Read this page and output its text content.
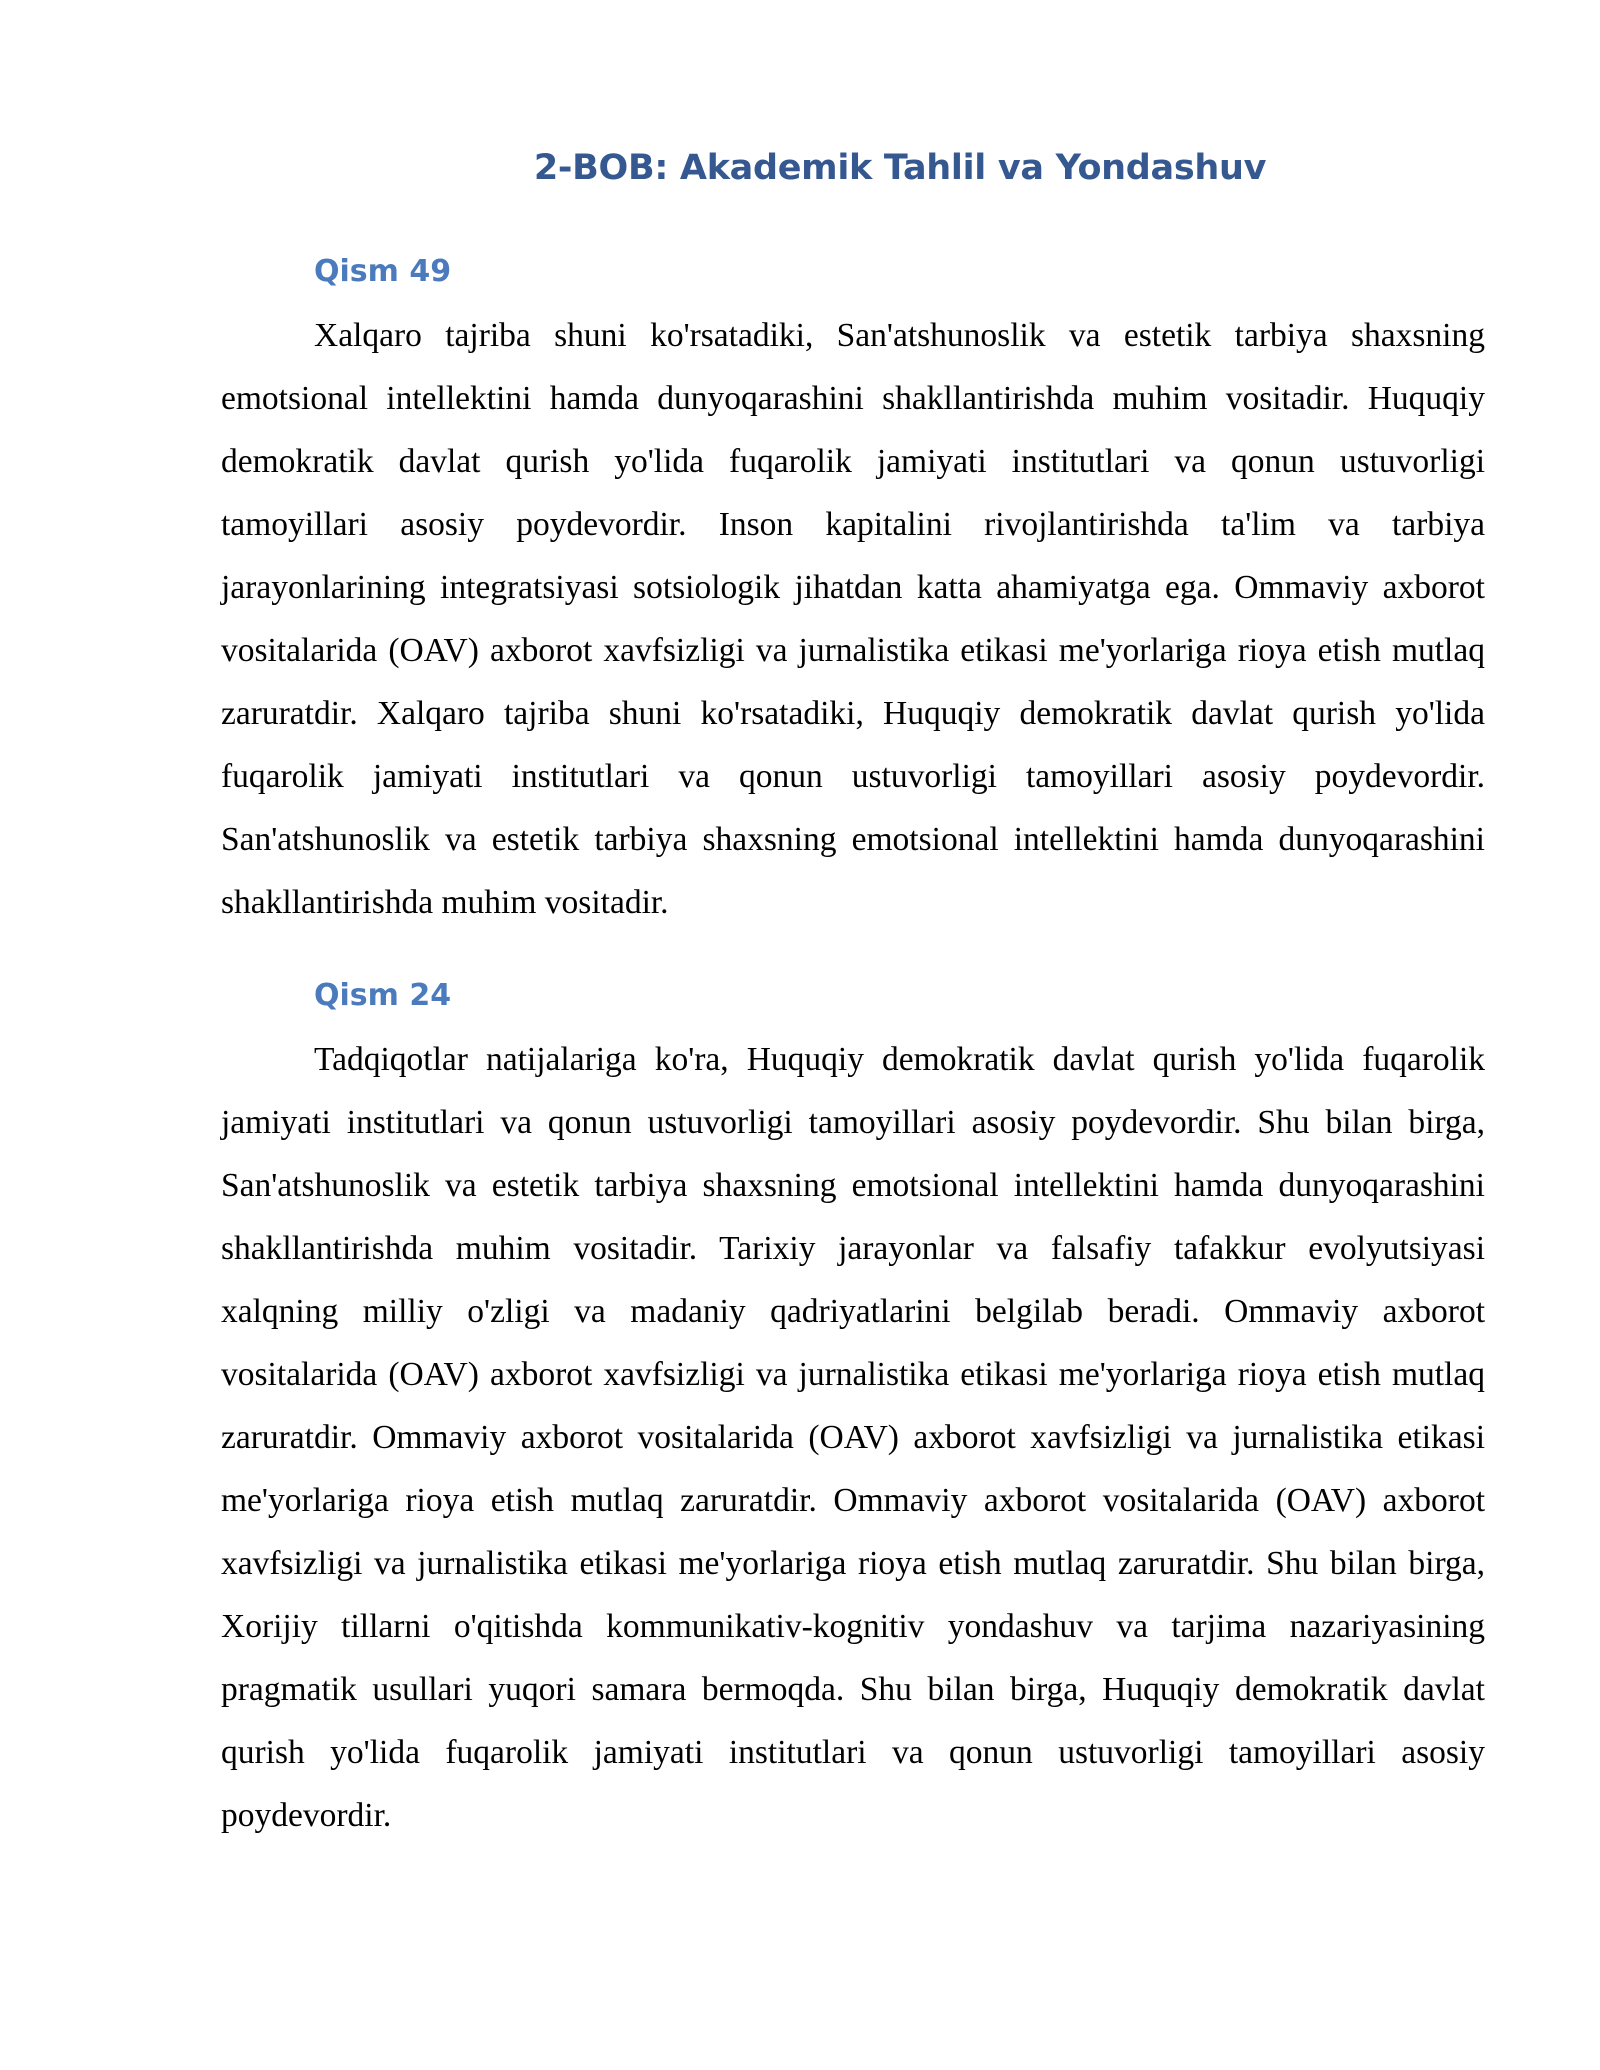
2-BOB: Akademik Tahlil va Yondashuv
Qism 49

Xalqaro tajriba shuni ko'rsatadiki, San'atshunoslik va estetik tarbiya shaxsning emotsional intellektini hamda dunyoqarashini shakllantirishda muhim vositadir. Huquqiy demokratik davlat qurish yo'lida fuqarolik jamiyati institutlari va qonun ustuvorligi tamoyillari asosiy poydevordir. Inson kapitalini rivojlantirishda ta'lim va tarbiya jarayonlarining integratsiyasi sotsiologik jihatdan katta ahamiyatga ega. Ommaviy axborot vositalarida (OAV) axborot xavfsizligi va jurnalistika etikasi me'yorlariga rioya etish mutlaq zaruratdir. Xalqaro tajriba shuni ko'rsatadiki, Huquqiy demokratik davlat qurish yo'lida fuqarolik jamiyati institutlari va qonun ustuvorligi tamoyillari asosiy poydevordir. San'atshunoslik va estetik tarbiya shaxsning emotsional intellektini hamda dunyoqarashini shakllantirishda muhim vositadir.

Qism 24

Tadqiqotlar natijalariga ko'ra, Huquqiy demokratik davlat qurish yo'lida fuqarolik jamiyati institutlari va qonun ustuvorligi tamoyillari asosiy poydevordir. Shu bilan birga, San'atshunoslik va estetik tarbiya shaxsning emotsional intellektini hamda dunyoqarashini shakllantirishda muhim vositadir. Tarixiy jarayonlar va falsafiy tafakkur evolyutsiyasi xalqning milliy o'zligi va madaniy qadriyatlarini belgilab beradi. Ommaviy axborot vositalarida (OAV) axborot xavfsizligi va jurnalistika etikasi me'yorlariga rioya etish mutlaq zaruratdir. Ommaviy axborot vositalarida (OAV) axborot xavfsizligi va jurnalistika etikasi me'yorlariga rioya etish mutlaq zaruratdir. Ommaviy axborot vositalarida (OAV) axborot xavfsizligi va jurnalistika etikasi me'yorlariga rioya etish mutlaq zaruratdir. Shu bilan birga, Xorijiy tillarni o'qitishda kommunikativ-kognitiv yondashuv va tarjima nazariyasining pragmatik usullari yuqori samara bermoqda. Shu bilan birga, Huquqiy demokratik davlat qurish yo'lida fuqarolik jamiyati institutlari va qonun ustuvorligi tamoyillari asosiy poydevordir.
